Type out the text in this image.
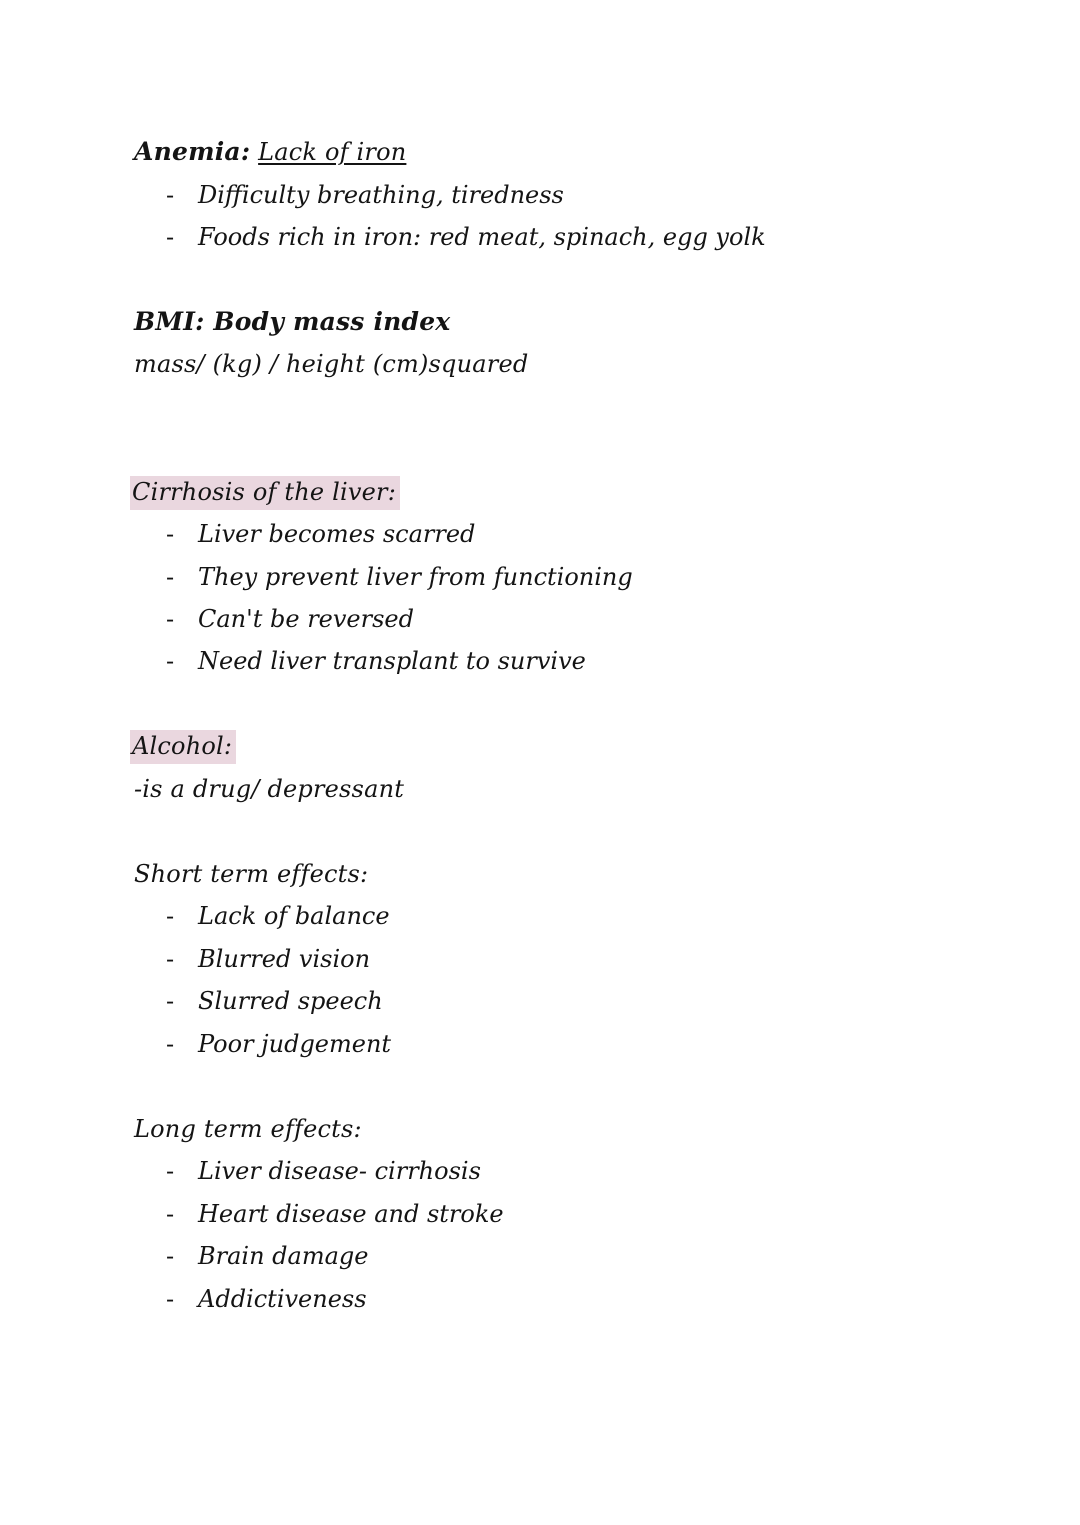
Anemia: Lack of iron
- Difficulty breathing, tiredness
- Foods rich in iron: red meat, spinach, egg yolk
BMI: Body mass index
mass/ (kg) / height (cm)squared
Cirrhosis of the liver:
- Liver becomes scarred
- They prevent liver from functioning
- Can't be reversed
- Need liver transplant to survive
Alcohol:
-is a drug/ depressant
Short term effects:
- Lack of balance
- Blurred vision
- Slurred speech
- Poor judgement
Long term effects:
- Liver disease- cirrhosis
- Heart disease and stroke
- Brain damage
- Addictiveness
